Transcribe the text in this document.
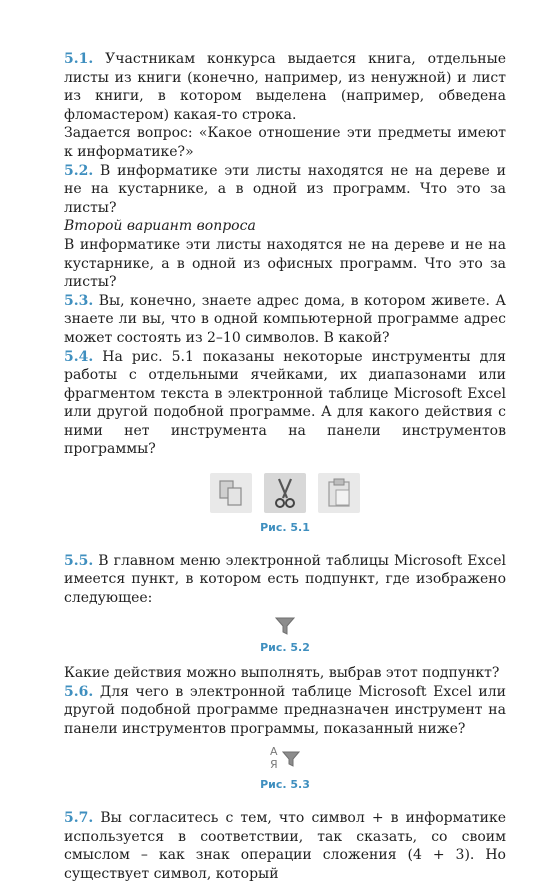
5.1. Участникам конкурса выдается книга, отдельные листы из книги (конечно, например, из ненужной) и лист из книги, в котором выделена (например, обведена фломастером) какая-то строка.

Задается вопрос: «Какое отношение эти предметы имеют к информатике?»

5.2. В информатике эти листы находятся не на дереве и не на кустарнике, а в одной из программ. Что это за листы?

Второй вариант вопроса

В информатике эти листы находятся не на дереве и не на кустарнике, а в одной из офисных программ. Что это за листы?

5.3. Вы, конечно, знаете адрес дома, в котором живете. А знаете ли вы, что в одной компьютерной программе адрес может состоять из 2–10 символов. В какой?

5.4. На рис. 5.1 показаны некоторые инструменты для работы с отдельными ячейками, их диапазонами или фрагментом текста в электронной таблице Microsoft Excel или другой подобной программе. А для какого действия с ними нет инструмента на панели инструментов программы?

Рис. 5.1

5.5. В главном меню электронной таблицы Microsoft Excel имеется пункт, в котором есть подпункт, где изображено следующее:

Рис. 5.2

Какие действия можно выполнять, выбрав этот подпункт?

5.6. Для чего в электронной таблице Microsoft Excel или другой подобной программе предназначен инструмент на панели инструментов программы, показанный ниже?

А
Я
Рис. 5.3

5.7. Вы согласитесь с тем, что символ + в информатике используется в соответствии, так сказать, со своим смыслом – как знак операции сложения (4 + 3). Но существует символ, который
